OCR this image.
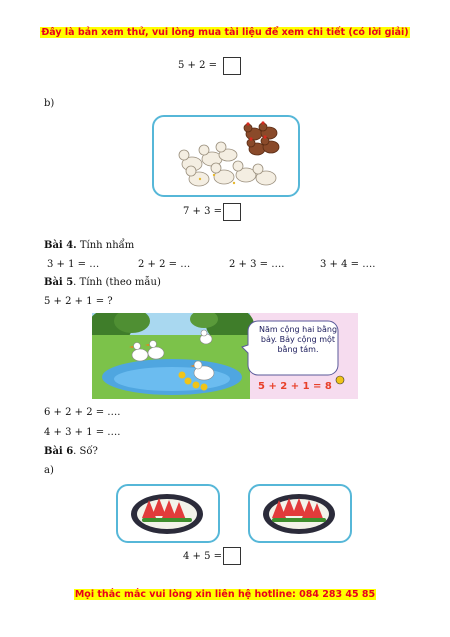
Đây là bản xem thử, vui lòng mua tài liệu để xem chi tiết (có lời giải)
5 + 2 =
b)
7 + 3 =
Bài 4. Tính nhẩm
3 + 1 = …	2 + 2 = …	2 + 3 = ….	3 + 4 = ….
Bài 5. Tính (theo mẫu)
5 + 2 + 1 = ?
Năm cộng hai bằng bảy. Bảy cộng một bằng tám.
5 + 2 + 1 = 8
6 + 2 + 2 = ….
4 + 3 + 1 = ….
Bài 6. Số?
a)
4 + 5 =
Mọi thắc mắc vui lòng xin liên hệ hotline: 084 283 45 85
